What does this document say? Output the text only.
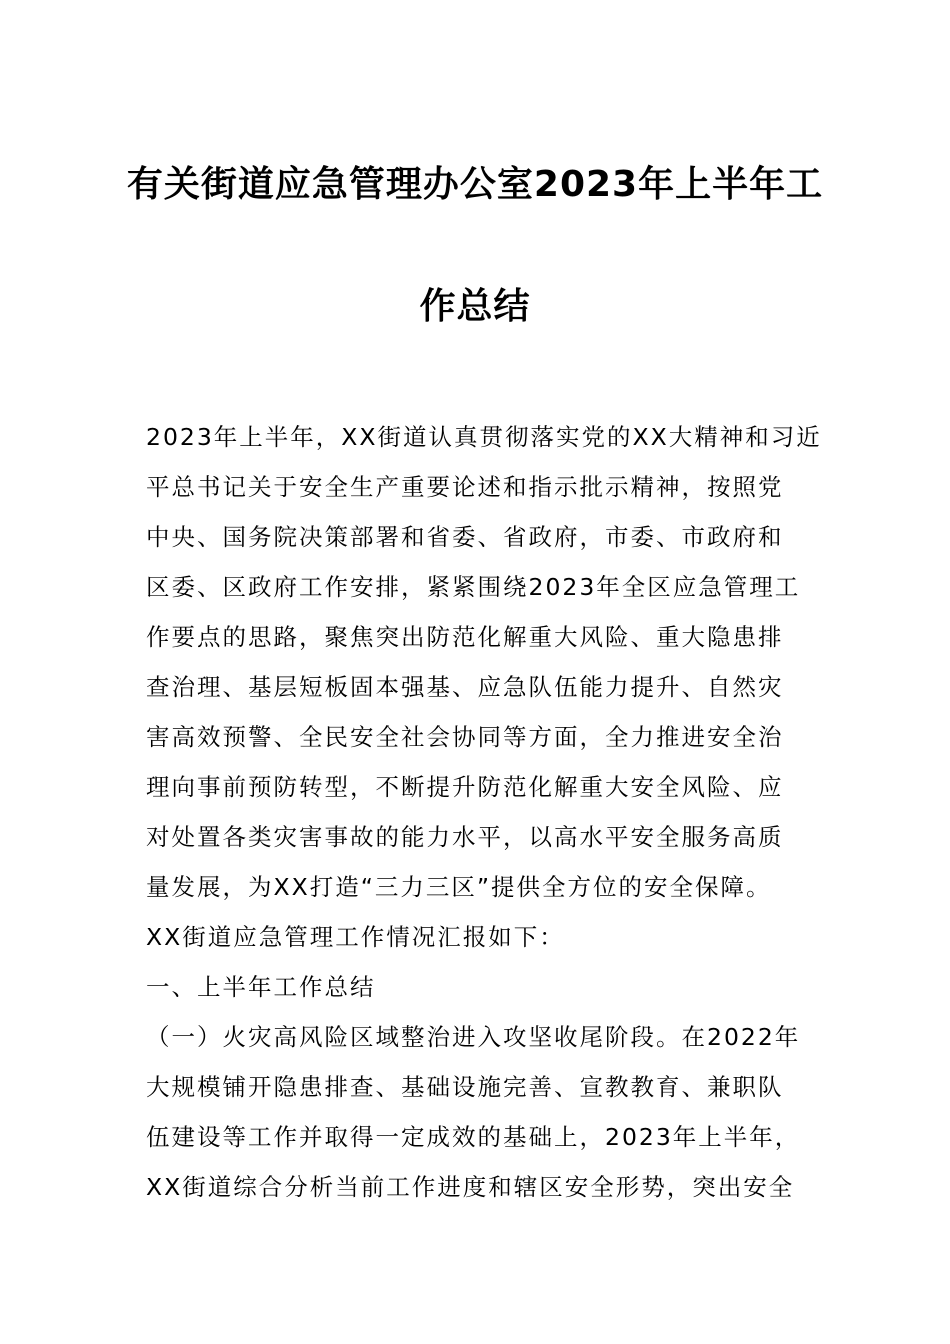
有关街道应急管理办公室2023年上半年工
作总结
2023年上半年，XX街道认真贯彻落实党的XX大精神和习近
平总书记关于安全生产重要论述和指示批示精神，按照党
中央、国务院决策部署和省委、省政府，市委、市政府和
区委、区政府工作安排，紧紧围绕2023年全区应急管理工
作要点的思路，聚焦突出防范化解重大风险、重大隐患排
查治理、基层短板固本强基、应急队伍能力提升、自然灾
害高效预警、全民安全社会协同等方面，全力推进安全治
理向事前预防转型，不断提升防范化解重大安全风险、应
对处置各类灾害事故的能力水平，以高水平安全服务高质
量发展，为XX打造“三力三区”提供全方位的安全保障。
XX街道应急管理工作情况汇报如下：
一、上半年工作总结
（一）火灾高风险区域整治进入攻坚收尾阶段。在2022年
大规模铺开隐患排查、基础设施完善、宣教教育、兼职队
伍建设等工作并取得一定成效的基础上，2023年上半年，
XX街道综合分析当前工作进度和辖区安全形势，突出安全
